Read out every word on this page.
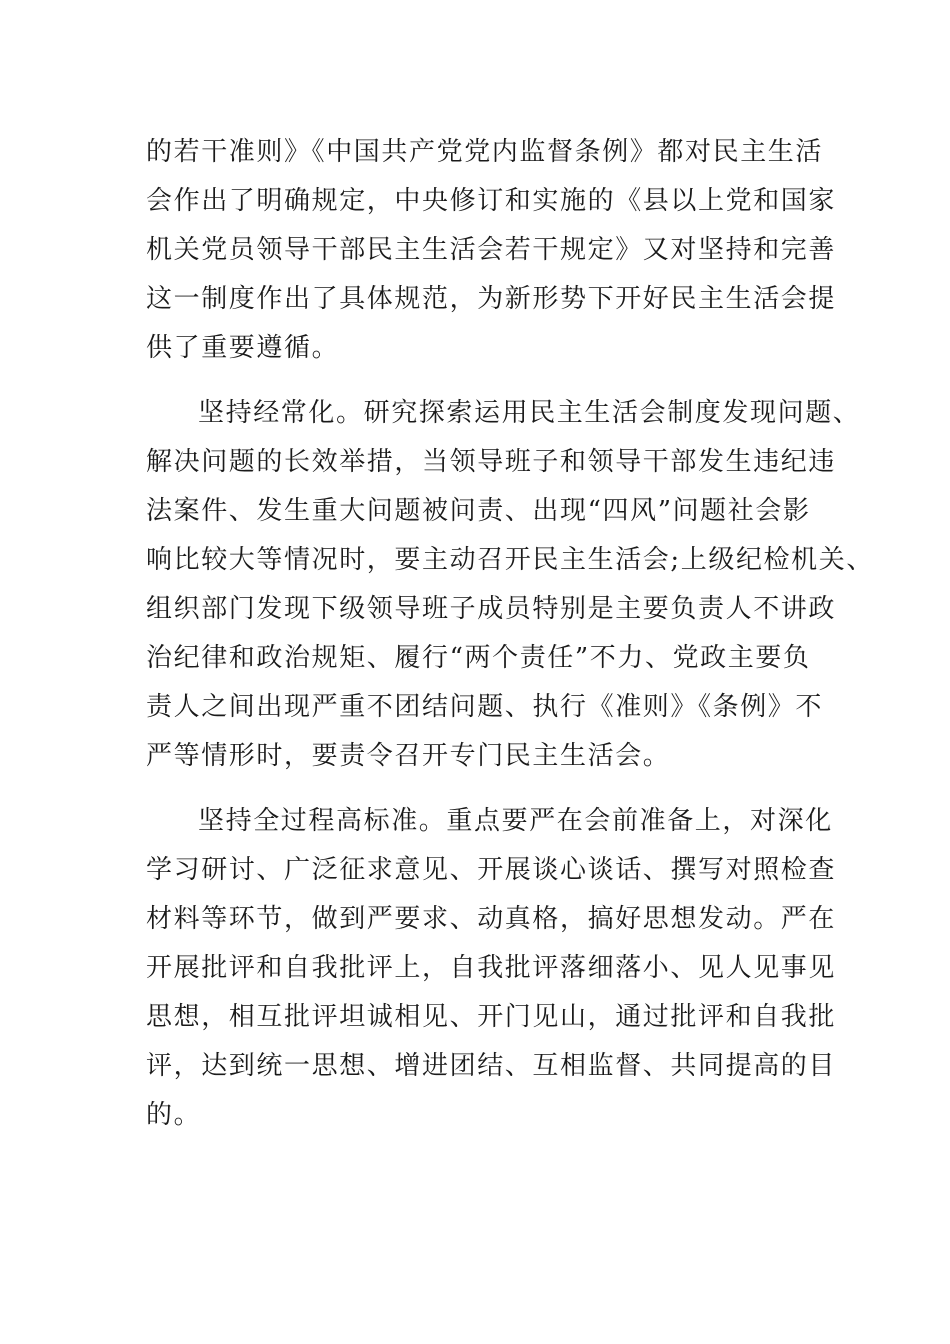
的若干准则》《中国共产党党内监督条例》都对民主生活
会作出了明确规定，中央修订和实施的《县以上党和国家
机关党员领导干部民主生活会若干规定》又对坚持和完善
这一制度作出了具体规范，为新形势下开好民主生活会提
供了重要遵循。
坚持经常化。研究探索运用民主生活会制度发现问题、
解决问题的长效举措，当领导班子和领导干部发生违纪违
法案件、发生重大问题被问责、出现“四风”问题社会影
响比较大等情况时，要主动召开民主生活会;上级纪检机关、
组织部门发现下级领导班子成员特别是主要负责人不讲政
治纪律和政治规矩、履行“两个责任”不力、党政主要负
责人之间出现严重不团结问题、执行《准则》《条例》不
严等情形时，要责令召开专门民主生活会。
坚持全过程高标准。重点要严在会前准备上，对深化
学习研讨、广泛征求意见、开展谈心谈话、撰写对照检查
材料等环节，做到严要求、动真格，搞好思想发动。严在
开展批评和自我批评上，自我批评落细落小、见人见事见
思想，相互批评坦诚相见、开门见山，通过批评和自我批
评，达到统一思想、增进团结、互相监督、共同提高的目
的。
